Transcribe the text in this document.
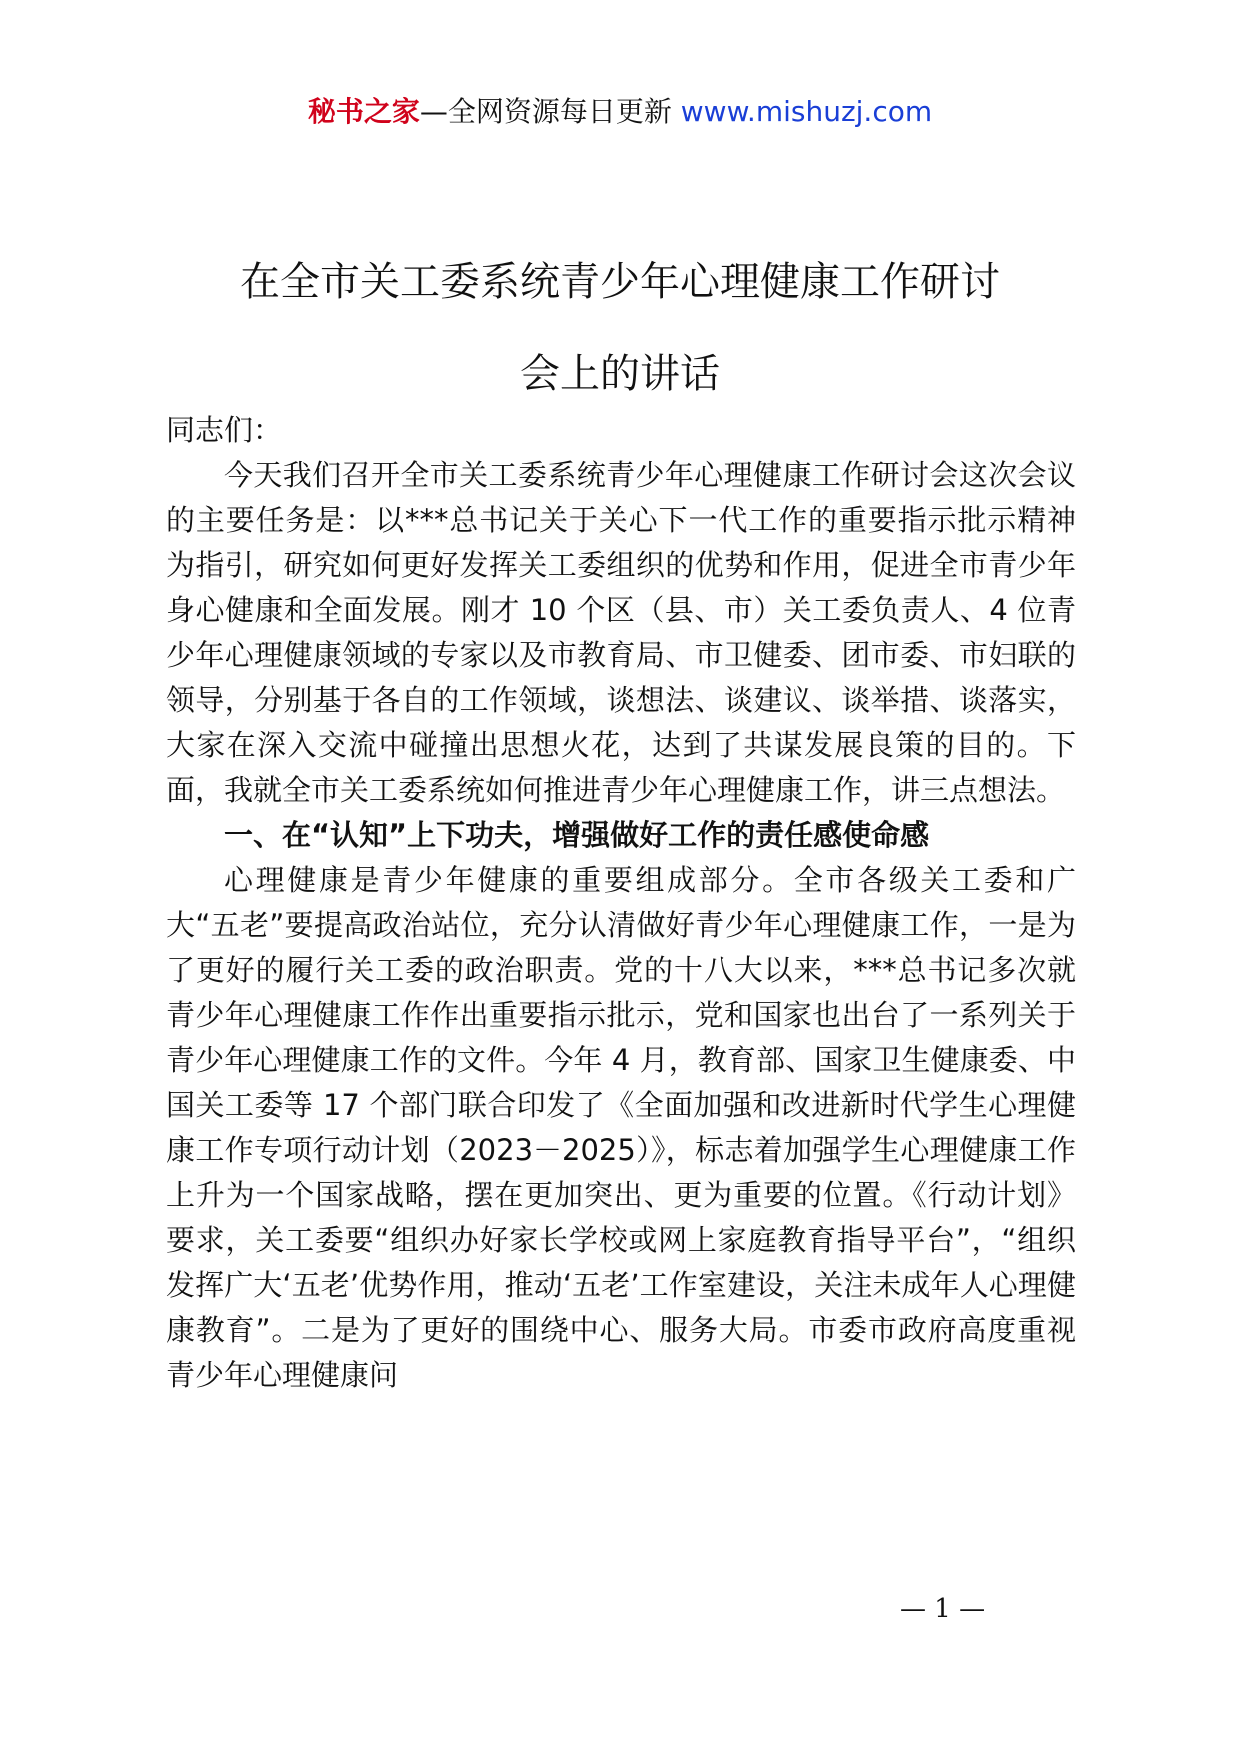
秘书之家—全网资源每日更新 www.mishuzj.com
在全市关工委系统青少年心理健康工作研讨
会上的讲话

同志们：

今天我们召开全市关工委系统青少年心理健康工作研讨会这次会议的主要任务是：以***总书记关于关心下一代工作的重要指示批示精神为指引，研究如何更好发挥关工委组织的优势和作用，促进全市青少年身心健康和全面发展。刚才 10 个区（县、市）关工委负责人、4 位青少年心理健康领域的专家以及市教育局、市卫健委、团市委、市妇联的领导，分别基于各自的工作领域，谈想法、谈建议、谈举措、谈落实，大家在深入交流中碰撞出思想火花，达到了共谋发展良策的目的。下面，我就全市关工委系统如何推进青少年心理健康工作，讲三点想法。

一、在“认知”上下功夫，增强做好工作的责任感使命感

心理健康是青少年健康的重要组成部分。全市各级关工委和广大“五老”要提高政治站位，充分认清做好青少年心理健康工作，一是为了更好的履行关工委的政治职责。党的十八大以来，***总书记多次就青少年心理健康工作作出重要指示批示，党和国家也出台了一系列关于青少年心理健康工作的文件。今年 4 月，教育部、国家卫生健康委、中国关工委等 17 个部门联合印发了《全面加强和改进新时代学生心理健康工作专项行动计划（2023－2025）》，标志着加强学生心理健康工作上升为一个国家战略，摆在更加突出、更为重要的位置。《行动计划》要求，关工委要“组织办好家长学校或网上家庭教育指导平台”，“组织发挥广大‘五老’优势作用，推动‘五老’工作室建设，关注未成年人心理健康教育”。二是为了更好的围绕中心、服务大局。市委市政府高度重视青少年心理健康问

— 1 —
